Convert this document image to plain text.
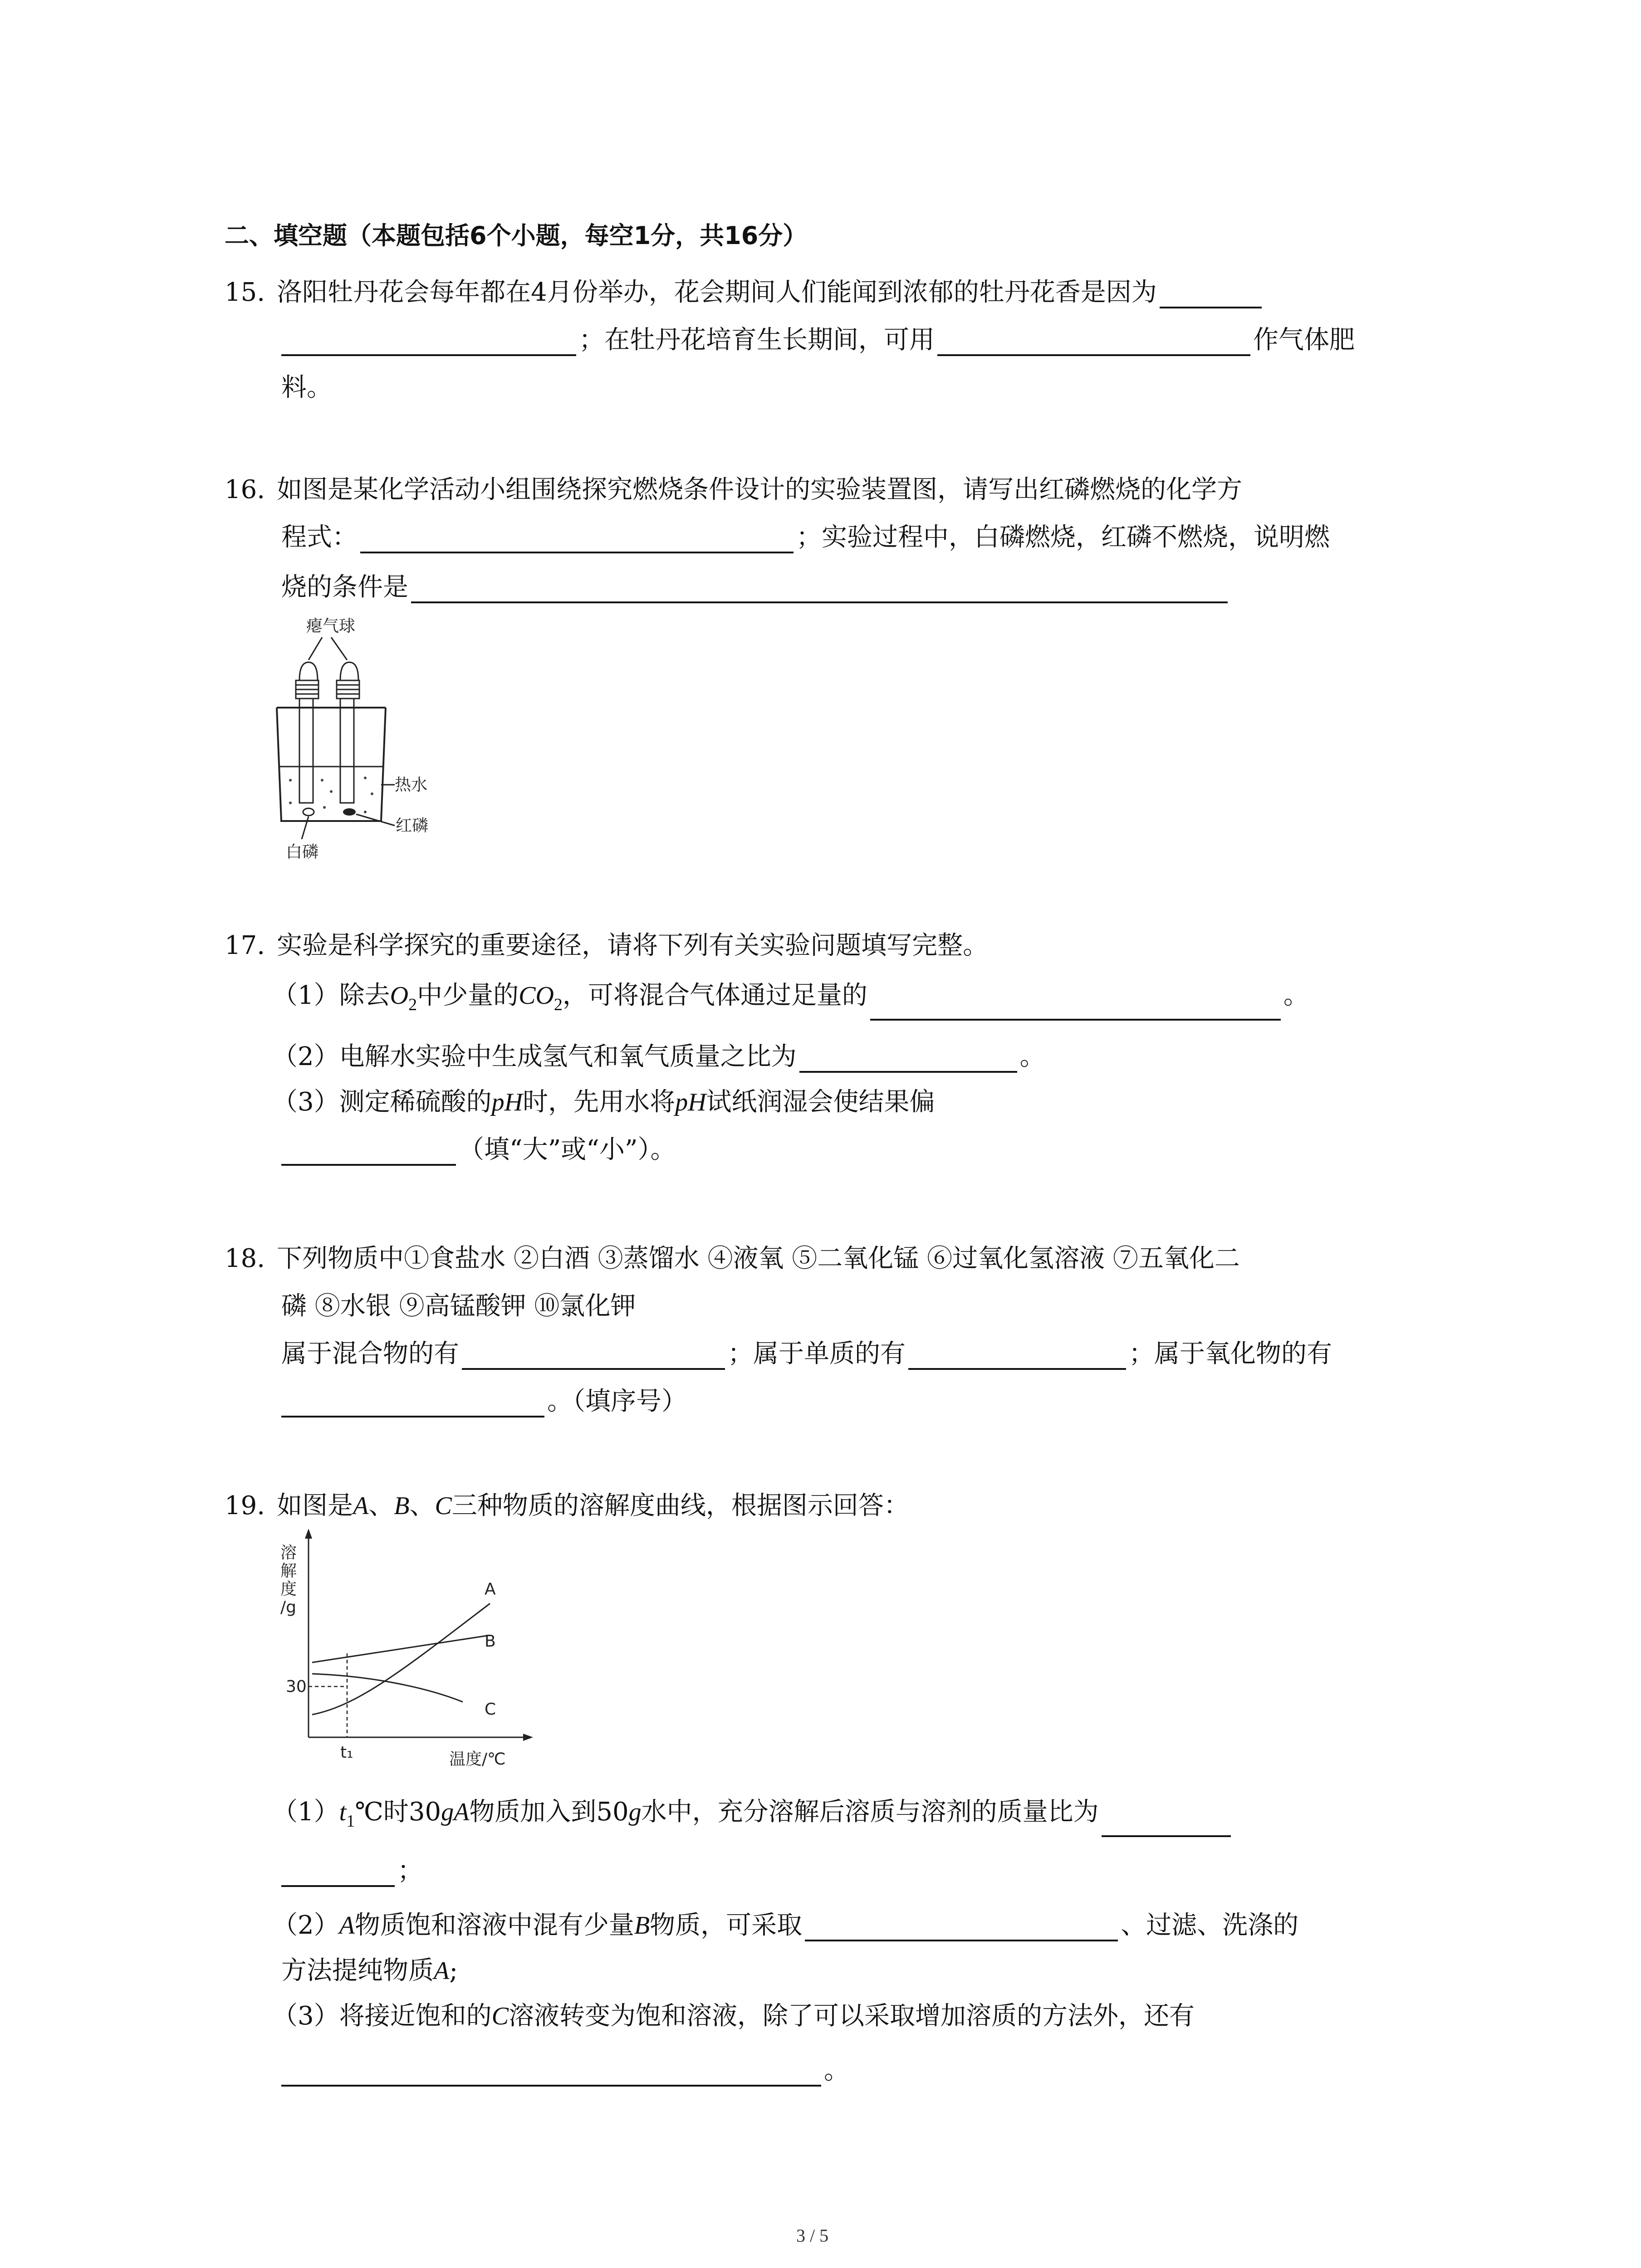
二、填空题（本题包括6个小题，每空1分，共16分）
15. 洛阳牡丹花会每年都在4月份举办，花会期间人们能闻到浓郁的牡丹花香是因为
；在牡丹花培育生长期间，可用	作气体肥
料。
16. 如图是某化学活动小组围绕探究燃烧条件设计的实验装置图，请写出红磷燃烧的化学方
程式：	；实验过程中，白磷燃烧，红磷不燃烧，说明燃
烧的条件是
瘪气球
热水
红磷
白磷
17. 实验是科学探究的重要途径，请将下列有关实验问题填写完整。
（1）除去$O_2$中少量的$CO_2$，可将混合气体通过足量的	。
（2）电解水实验中生成氢气和氧气质量之比为	。
（3）测定稀硫酸的pH时，先用水将pH试纸润湿会使结果偏
（填“大”或“小”）。
18. 下列物质中①食盐水 ②白酒 ③蒸馏水 ④液氧 ⑤二氧化锰 ⑥过氧化氢溶液 ⑦五氧化二
磷 ⑧水银 ⑨高锰酸钾 ⑩氯化钾
属于混合物的有	；属于单质的有	；属于氧化物的有
。（填序号）
19. 如图是A、B、C三种物质的溶解度曲线，根据图示回答：
溶
解
度
/g
30
t₁
A
B
C
温度/℃
$(1)t_1℃$时30gA物质加入到50g水中，充分溶解后溶质与溶剂的质量比为
；
（2）A物质饱和溶液中混有少量B物质，可采取	、过滤、洗涤的
方法提纯物质A;
（3）将接近饱和的C溶液转变为饱和溶液，除了可以采取增加溶质的方法外，还有
。
3 / 5
